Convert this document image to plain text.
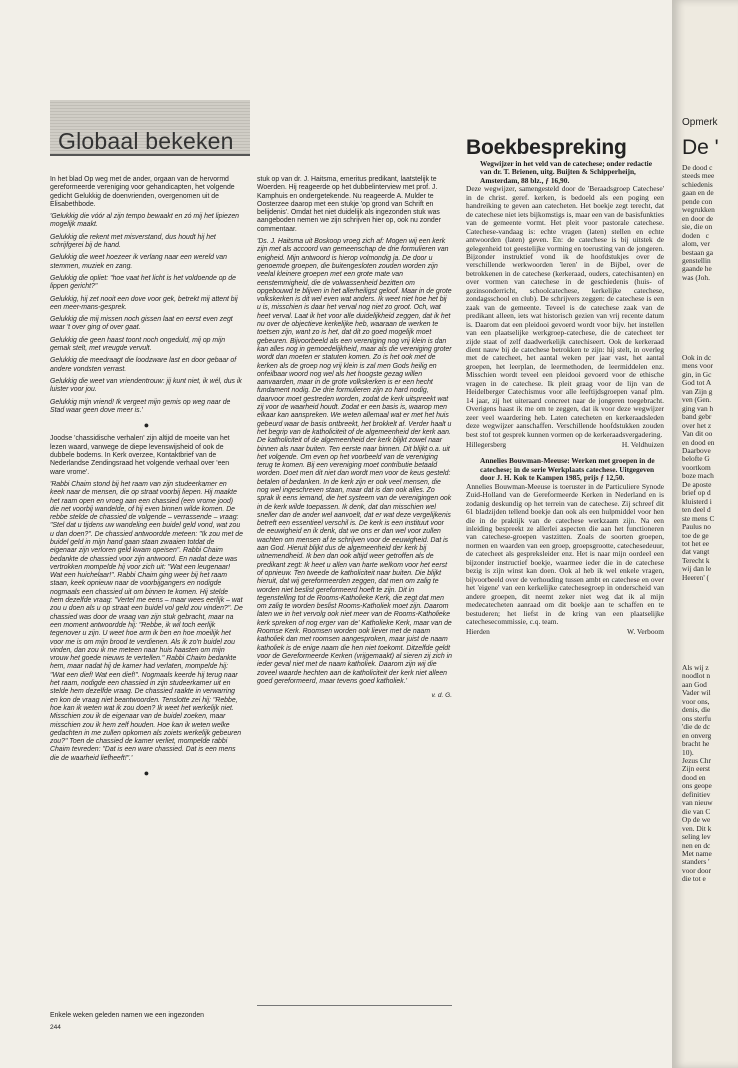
Globaal bekeken

In het blad Op weg met de ander, orgaan van de hervormd gereformeerde vereniging voor gehandicapten, het volgende gedicht Gelukkig de doenvrienden, overgenomen uit de Elisabethbode.

'Gelukkig die vóór al zijn tempo bewaakt en zó mij het lipiezen mogelijk maakt.

Gelukkig die rekent met misverstand, dus houdt hij het schrijfgerei bij de hand.

Gelukkig die weet hoezeer ik verlang naar een wereld van stemmen, muziek en zang.

Gelukkig die opliet: "hoe vaat het licht is het voldoende op de lippen gericht?"

Gelukkig, hij zet nooit een dove voor gek, betrekt mij attent bij een meer-mans-gesprek.

Gelukkig die mij missen noch gissen laat en eerst even zegt waar 't over ging of over gaat.

Gelukkig die geen haast toont noch ongeduld, mij op mijn gemak stelt, met vreugde vervult.

Gelukkig die meedraagt die loodzware last en door gebaar of andere vondsten verrast.

Gelukkig die weet van vriendentrouw: jij kunt niet, ik wél, dus ik luister voor jou.

Gelukkig mijn vriend! Ik vergeet mijn gemis op weg naar de Stad waar geen dove meer is.'

●

Joodse 'chassidische verhalen' zijn altijd de moeite van het lezen waard, vanwege de diepe levenswijsheid of ook de dubbele bodems. In Kerk overzee, Kontaktbrief van de Nederlandse Zendingsraad het volgende verhaal over 'een ware vrome'.

'Rabbi Chaim stond bij het raam van zijn studeerkamer en keek naar de mensen, die op straat voorbij liepen. Hij maakte het raam open en vroeg aan een chassied (een vrome jood) die net voorbij wandelde, of hij even binnen wilde komen. De rebbe stelde de chassied de volgende – verrassende – vraag: "Stel dat u tijdens uw wandeling een buidel geld vond, wat zou u dan doen?". De chassied antwoordde meteen: "Ik zou met de buidel geld in mijn hand gaan staan zwaaien totdat de eigenaar zijn verloren geld kwam opeisen". Rabbi Chaim bedankte de chassied voor zijn antwoord. En nadat deze was vertrokken mompelde hij voor zich uit: "Wat een leugenaar! Wat een huichelaar!". Rabbi Chaim ging weer bij het raam staan, keek opnieuw naar de voorbijgangers en nodigde nogmaals een chassied uit om binnen te komen. Hij stelde hem dezelfde vraag: "Vertel me eens – maar wees eerlijk – wat zou u doen als u op straat een buidel vol geld zou vinden?". De chassied was door de vraag van zijn stuk gebracht, maar na een moment antwoordde hij: "Rebbe, ik wil toch eerlijk tegenover u zijn. U weet hoe arm ik ben en hoe moeilijk het voor me is om mijn brood te verdienen. Als ik zo'n buidel zou vinden, dan zou ik me meteen naar huis haasten om mijn vrouw het goede nieuws te vertellen." Rabbi Chaim bedankte hem, maar nadat hij de kamer had verlaten, mompelde hij: "Wat een dief! Wat een dief!". Nogmaals keerde hij terug naar het raam, nodigde een chassied in zijn studeerkamer uit en stelde hem dezelfde vraag. De chassied raakte in verwarring en kon de vraag niet beantwoorden. Tenslotte zei hij: "Rebbe, hoe kan ik weten wat ik zou doen? Ik weet het werkelijk niet. Misschien zou ik de eigenaar van de buidel zoeken, maar misschien zou ik hem zelf houden. Hoe kan ik weten welke gedachten in me zullen opkomen als zoiets werkelijk gebeuren zou?" Toen de chassied de kamer verliet, mompelde rabbi Chaim tevreden: "Dat is een ware chassied. Dat is een mens die de waarheid liefheeft!".'

●
Enkele weken geleden namen we een ingezonden

stuk op van dr. J. Haitsma, emeritus predikant, laatstelijk te Woerden. Hij reageerde op het dubbelinterview met prof. J. Kamphuis en ondergetekende. Nu reageerde A. Mulder te Oosterzee daarop met een stukje 'op grond van Schrift en belijdenis'. Omdat het niet duidelijk als ingezonden stuk was aangeboden nemen we zijn schrijven hier op, ook nu zonder commentaar.

'Ds. J. Haitsma uit Boskoop vroeg zich af: Mogen wij een kerk zijn met als accoord van gemeenschap de drie formulieren van enigheid. Mijn antwoord is hierop volmondig ja. De door u genoemde groepen, die buitengesloten zouden worden zijn veelal kleinere groepen met een grote mate van eenstemmigheid, die de volwassenheid bezitten om opgebouwd te blijven in het allerheiligst geloof. Maar in de grote volkskerken is dit wel even wat anders. Ik weet niet hoe het bij u is, misschien is daar het verval nog niet zo groot. Och, wat heet verval. Laat ik het voor alle duidelijkheid zeggen, dat ik het nu over de objectieve kerkelijke heb, waaraan de werken te toetsen zijn, want zo is het, dat dit zo goed mogelijk moet gebeuren. Bijvoorbeeld als een vereniging nog vrij klein is dan kan alles nog in gemoedelijkheid, maar als die vereniging groter wordt dan moeten er statuten komen. Zo is het ook met de kerken als de groep nog vrij klein is zal men Gods heilig en onfeilbaar woord nog wel als het hoogste gezag willen aanvaarden, maar in de grote volkskerken is er een hecht fundament nodig. De drie formulieren zijn zo hard nodig, daarvoor moet gestreden worden, zodat de kerk uitspreekt wat zij voor de waarheid houdt. Zodat er een basis is, waarop men elkaar kan aanspreken. We weten allemaal wat er met het huis gebeurd waar de basis ontbreekt, het brokkelt af. Verder haalt u het begrip van de katholiciteit of de algemeenheid der kerk aan. De katholiciteit of de algemeenheid der kerk blijkt zowel naar binnen als naar buiten. Ten eerste naar binnen. Dit blijkt o.a. uit het volgende. Om even op het voorbeeld van de vereniging terug te komen. Bij een vereniging moet contributie betaald worden. Doet men dit niet dan wordt men voor de keus gesteld: betalen of bedanken. In de kerk zijn er ook veel mensen, die nog wel ingeschreven staan, maar dat is dan ook alles. Zo sprak ik eens iemand, die het systeem van de verenigingen ook in de kerk wilde toepassen. Ik denk, dat dan misschien wel sneller dan de ander wel aanvoelt, dat er wat deze vergelijkenis betreft een essentieel verschil is. De kerk is een instituut voor de eeuwigheid en ik denk, dat we ons er dan wel voor zullen wachten om mensen af te schrijven voor de eeuwigheid. Dat is aan God. Hieruit blijkt dus de algemeenheid der kerk bij uitnemendheid. Ik ben dan ook altijd weer getroffen als de predikant zegt: Ik heet u allen van harte welkom voor het eerst of opnieuw. Ten tweede de katholiciteit naar buiten. Die blijkt hieruit, dat wij gereformeerden zeggen, dat men om zalig te worden niet beslist gereformeerd hoeft te zijn. Dit in tegenstelling tot de Rooms-Katholieke Kerk, die zegt dat men om zalig te worden beslist Rooms-Katholiek moet zijn. Daarom laten we in het vervolg ook niet meer van de Rooms-Katholieke kerk spreken of nog erger van de' Katholieke Kerk, maar van de Roomse Kerk. Roomsen worden ook liever met de naam katholiek dan met roomsen aangesproken, maar juist de naam katholiek is de enige naam die hen niet toekomt. Ditzelfde geldt voor de Gereformeerde Kerken (vrijgemaakt) al sieren zij zich in ieder geval niet met de naam katholiek. Daarom zijn wij die zoveel waarde hechten aan de katholiciteit der kerk niet alleen goed gereformeerd, maar tevens goed katholiek.'

v. d. G.
244
Boekbespreking

Wegwijzer in het veld van de catechese; onder redactie van dr. T. Brienen, uitg. Buijten & Schipperheijn, Amsterdam, 88 blz., ƒ 16,90.

Deze wegwijzer, samengesteld door de 'Beraadsgroep Catechese' in de christ. geref. kerken, is bedoeld als een poging een handreiking te geven aan catecheten. Het boekje zegt terecht, dat de catechese niet iets bijkomstigs is, maar een van de basisfunkties van de gemeente vormt. Het pleit voor pastorale catechese. Catechese-vandaag is: echte vragen (laten) stellen en echte antwoorden (laten) geven. En: de catechese is bij uitstek de gelegenheid tot geestelijke vorming en toerusting van de jongeren. Bijzonder instruktief vond ik de hoofdstukjes over de verschillende werkwoorden 'leren' in de Bijbel, over de betrokkenen in de catechese (kerkeraad, ouders, catechisanten) en over vormen van catechese in de geschiedenis (huis- of gezinsonderricht, schoolcatechese, kerkelijke catechese, zondagsschool en club). De schrijvers zeggen: de catechese is een zaak van de gemeente. Teveel is de catechese zaak van de predikant alleen, iets wat historisch gezien van vrij recente datum is. Daarom dat een pleidooi gevoerd wordt voor bijv. het instellen van een plaatselijke werkgroep-catechese, die de catecheet ter zijde staat of zelf daadwerkelijk catechiseert. Ook de kerkeraad dient nauw bij de catechese betrokken te zijn: hij stelt, in overleg met de catecheet, het aantal weken per jaar vast, het aantal groepen, het leerplan, de leermethoden, de leermiddelen enz. Misschien wordt teveel een pleidooi gevoerd voor de ethische vragen in de catechese. Ik pleit graag voor de lijn van de Heidelberger Catechismus voor alle leeftijdsgroepen vanaf plm. 14 jaar, zij het uiteraard concreet naar de jongeren toegebracht. Overigens haast ik me om te zeggen, dat ik voor deze wegwijzer zeer veel waardering heb. Laten catecheten en kerkeraadsleden deze wegwijzer aanschaffen. Verschillende hoofdstukken zouden best stof tot gesprek kunnen vormen op de kerkeraadsvergadering.

Hillegersberg	H. Veldhuizen

Annelies Bouwman-Meeuse: Werken met groepen in de catechese; in de serie Werkplaats catechese. Uitgegeven door J. H. Kok te Kampen 1985, prijs ƒ 12,50.

Annelies Bouwman-Meeuse is toeruster in de Particuliere Synode Zuid-Holland van de Gereformeerde Kerken in Nederland en is zodanig deskundig op het terrein van de catechese. Zij schreef dit 61 bladzijden tellend boekje dan ook als een hulpmiddel voor hen die in de praktijk van de catechese werkzaam zijn. Na een inleiding bespreekt ze allerlei aspecten die aan het functioneren van catechese-groepen vastzitten. Zoals de soorten groepen, normen en waarden van een groep, groepsgrootte, catechesedeuur, de catecheet als gespreksleider enz. Het is naar mijn oordeel een bijzonder instructief boekje, waarmee ieder die in de catechese bezig is zijn winst kan doen. Ook al heb ik wel enkele vragen, bijvoorbeeld over de verhouding tussen ambt en catechese en over het 'eigene' van een kerkelijke catechesegroep in onderscheid van andere groepen, dit neemt zeker niet weg dat ik al mijn medecatecheten aanraad om dit boekje aan te schaffen en te bestuderen; het liefst in de kring van een plaatselijke catechesecommissie, c.q. team.

Hierden	W. Verboom
Opmerk
De '
De dood c
steeds mee
schiedenis
gaan en de
pende con
wegrukken
en door de
sie, die on
doden   c
alom, ver
bestaan ga
genstellin
gaande he
was (Joh.
Ook in dc
mens voor
gin, in Gc
God tot A
van Zijn g
ven (Gen.
ging van h
band gebr
over het z
Van dit oo
en dood en
Daarbove
belofte G
voortkom
boze mach
De aposte
brief op d
kluisterd i
ten deel d
ste mens C
Paulus no
toe de ge
tot het ee
dat vangt
Terecht k
wij dan le
Heeren' (
Als wij z
noodlot n
aan God
Vader wil
voor ons,
denis, die
ons sterfu
'die de dc
en onverg
bracht he
10).
Jezus Chr
Zijn eerst
dood en
ons geope
definitiev
van nieuw
die van C
Op de we
ven. Dit k
seling lev
nen en dc
Met name
standers '
voor door
die tot e
